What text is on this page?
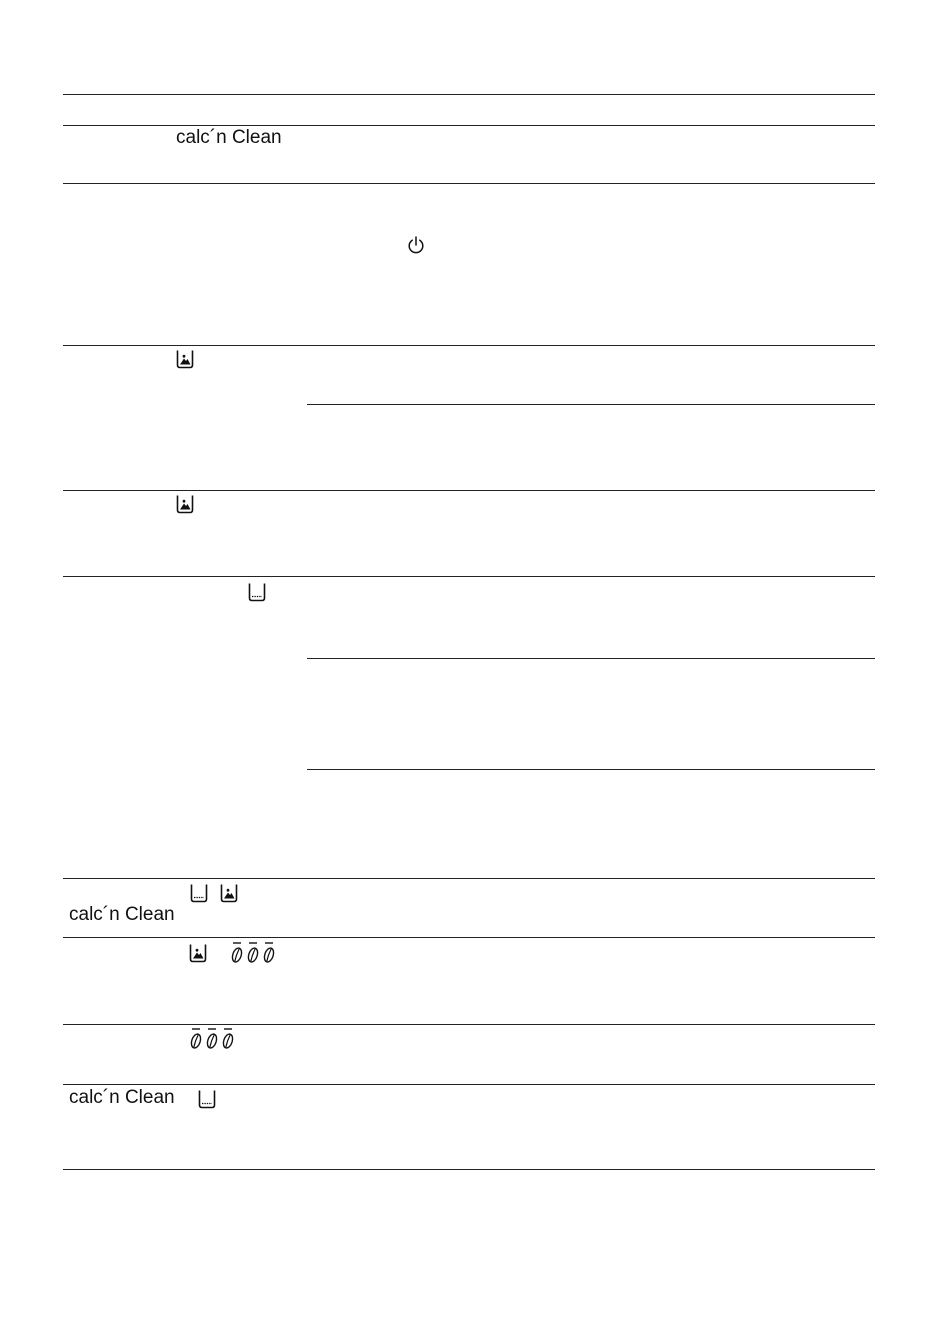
calc´n Clean
calc´n Clean
calc´n Clean
